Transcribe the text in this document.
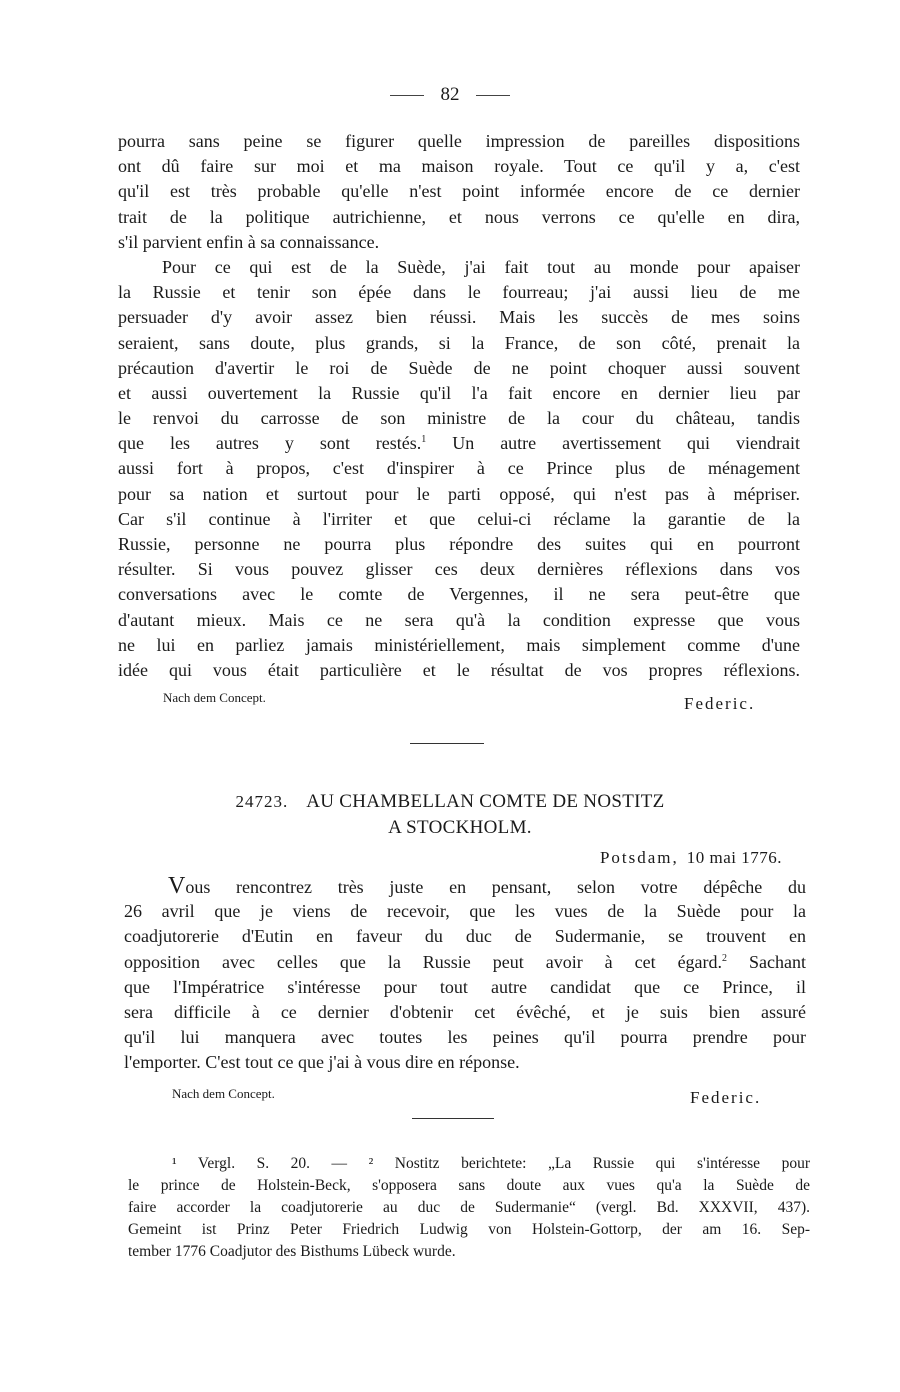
82
pourra sans peine se figurer quelle impression de pareilles dispositions
ont dû faire sur moi et ma maison royale. Tout ce qu'il y a, c'est
qu'il est très probable qu'elle n'est point informée encore de ce dernier
trait de la politique autrichienne, et nous verrons ce qu'elle en dira,
s'il parvient enfin à sa connaissance.
Pour ce qui est de la Suède, j'ai fait tout au monde pour apaiser
la Russie et tenir son épée dans le fourreau; j'ai aussi lieu de me
persuader d'y avoir assez bien réussi. Mais les succès de mes soins
seraient, sans doute, plus grands, si la France, de son côté, prenait la
précaution d'avertir le roi de Suède de ne point choquer aussi souvent
et aussi ouvertement la Russie qu'il l'a fait encore en dernier lieu par
le renvoi du carrosse de son ministre de la cour du château, tandis
que les autres y sont restés.$^1$ Un autre avertissement qui viendrait
aussi fort à propos, c'est d'inspirer à ce Prince plus de ménagement
pour sa nation et surtout pour le parti opposé, qui n'est pas à mépriser.
Car s'il continue à l'irriter et que celui-ci réclame la garantie de la
Russie, personne ne pourra plus répondre des suites qui en pourront
résulter. Si vous pouvez glisser ces deux dernières réflexions dans vos
conversations avec le comte de Vergennes, il ne sera peut-être que
d'autant mieux. Mais ce ne sera qu'à la condition expresse que vous
ne lui en parliez jamais ministériellement, mais simplement comme d'une
idée qui vous était particulière et le résultat de vos propres réflexions.
Nach dem Concept.	Federic.
24723. AU CHAMBELLAN COMTE DE NOSTITZ
A STOCKHOLM.
Potsdam, 10 mai 1776.
Vous rencontrez très juste en pensant, selon votre dépêche du
26 avril que je viens de recevoir, que les vues de la Suède pour la
coadjutorerie d'Eutin en faveur du duc de Sudermanie, se trouvent en
opposition avec celles que la Russie peut avoir à cet égard.$^2$ Sachant
que l'Impératrice s'intéresse pour tout autre candidat que ce Prince, il
sera difficile à ce dernier d'obtenir cet évêché, et je suis bien assuré
qu'il lui manquera avec toutes les peines qu'il pourra prendre pour
l'emporter. C'est tout ce que j'ai à vous dire en réponse.
Nach dem Concept.	Federic.
¹ Vergl. S. 20. — ² Nostitz berichtete: „La Russie qui s'intéresse pour
le prince de Holstein-Beck, s'opposera sans doute aux vues qu'a la Suède de
faire accorder la coadjutorerie au duc de Sudermanie“ (vergl. Bd. XXXVII, 437).
Gemeint ist Prinz Peter Friedrich Ludwig von Holstein-Gottorp, der am 16. Sep-
tember 1776 Coadjutor des Bisthums Lübeck wurde.
